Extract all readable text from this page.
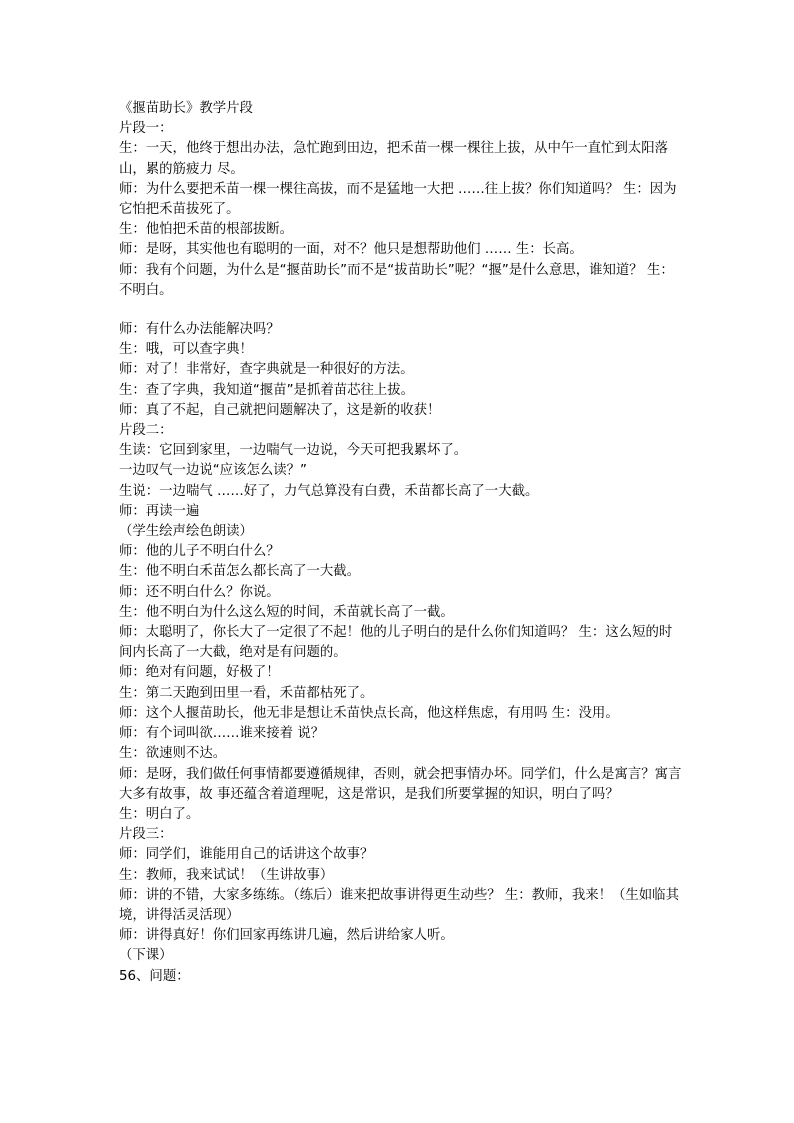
《揠苗助长》教学片段

片段一：

生：一天，他终于想出办法，急忙跑到田边，把禾苗一棵一棵往上拔，从中午一直忙到太阳落山，累的筋疲力 尽。

师：为什么要把禾苗一棵一棵往高拔，而不是猛地一大把 ……往上拔？你们知道吗？ 生：因为它怕把禾苗拔死了。

生：他怕把禾苗的根部拔断。

师：是呀，其实他也有聪明的一面，对不？他只是想帮助他们 …… 生：长高。

师：我有个问题，为什么是“揠苗助长”而不是“拔苗助长”呢？“揠”是什么意思，谁知道？ 生：不明白。

师：有什么办法能解决吗？

生：哦，可以查字典！

师：对了！非常好，查字典就是一种很好的方法。

生：查了字典，我知道“揠苗”是抓着苗芯往上拔。

师：真了不起，自己就把问题解决了，这是新的收获！

片段二：

生读：它回到家里，一边喘气一边说，今天可把我累坏了。

一边叹气一边说“应该怎么读？”

生说：一边喘气 ……好了，力气总算没有白费，禾苗都长高了一大截。

师：再读一遍

（学生绘声绘色朗读）

师：他的儿子不明白什么？

生：他不明白禾苗怎么都长高了一大截。

师：还不明白什么？你说。

生：他不明白为什么这么短的时间，禾苗就长高了一截。

师：太聪明了，你长大了一定很了不起！他的儿子明白的是什么你们知道吗？ 生：这么短的时间内长高了一大截，绝对是有问题的。

师：绝对有问题，好极了！

生：第二天跑到田里一看，禾苗都枯死了。

师：这个人揠苗助长，他无非是想让禾苗快点长高，他这样焦虑，有用吗 生：没用。

师：有个词叫欲……谁来接着 说？

生：欲速则不达。

师：是呀，我们做任何事情都要遵循规律，否则，就会把事情办坏。同学们，什么是寓言？寓言大多有故事，故 事还蕴含着道理呢，这是常识，是我们所要掌握的知识，明白了吗？

生：明白了。

片段三：

师：同学们，谁能用自己的话讲这个故事？

生：教师，我来试试！（生讲故事）

师：讲的不错，大家多练练。（练后）谁来把故事讲得更生动些？ 生：教师，我来！（生如临其境，讲得活灵活现）

师：讲得真好！你们回家再练讲几遍，然后讲给家人听。

（下课）

56、问题：
